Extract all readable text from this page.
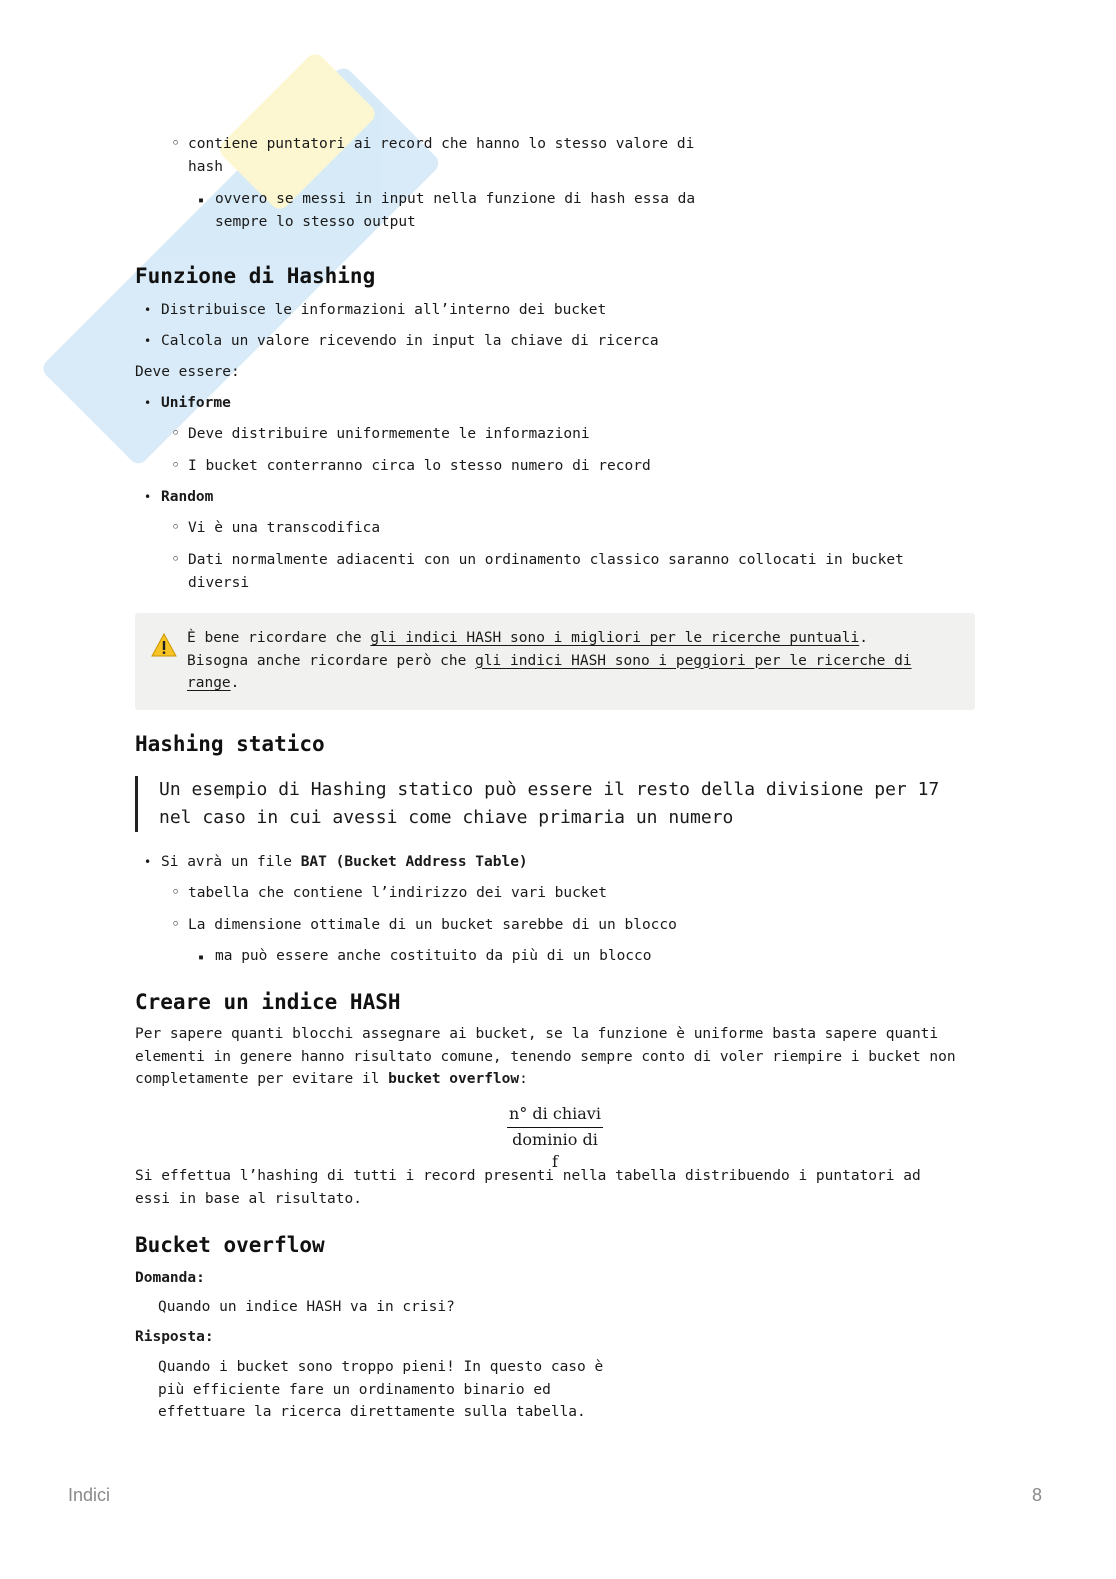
◦ contiene puntatori ai record che hanno lo stesso valore di hash
▪ ovvero se messi in input nella funzione di hash essa da sempre lo stesso output
Funzione di Hashing
• Distribuisce le informazioni all’interno dei bucket
• Calcola un valore ricevendo in input la chiave di ricerca
Deve essere:
• Uniforme
◦ Deve distribuire uniformemente le informazioni
◦ I bucket conterranno circa lo stesso numero di record
• Random
◦ Vi è una transcodifica
◦ Dati normalmente adiacenti con un ordinamento classico saranno collocati in bucket diversi
È bene ricordare che gli indici HASH sono i migliori per le ricerche puntuali.
Bisogna anche ricordare però che gli indici HASH sono i peggiori per le ricerche di range.
Hashing statico
Un esempio di Hashing statico può essere il resto della divisione per 17 nel caso in cui avessi come chiave primaria un numero
• Si avrà un file BAT (Bucket Address Table)
◦ tabella che contiene l’indirizzo dei vari bucket
◦ La dimensione ottimale di un bucket sarebbe di un blocco
▪ ma può essere anche costituito da più di un blocco
Creare un indice HASH
Per sapere quanti blocchi assegnare ai bucket, se la funzione è uniforme basta sapere quanti elementi in genere hanno risultato comune, tenendo sempre conto di voler riempire i bucket non completamente per evitare il bucket overflow:
n° di chiavi
dominio di f
Si effettua l’hashing di tutti i record presenti nella tabella distribuendo i puntatori ad essi in base al risultato.
Bucket overflow
Domanda:
Quando un indice HASH va in crisi?
Risposta:
Quando i bucket sono troppo pieni! In questo caso è più efficiente fare un ordinamento binario ed effettuare la ricerca direttamente sulla tabella.
Indici	8
